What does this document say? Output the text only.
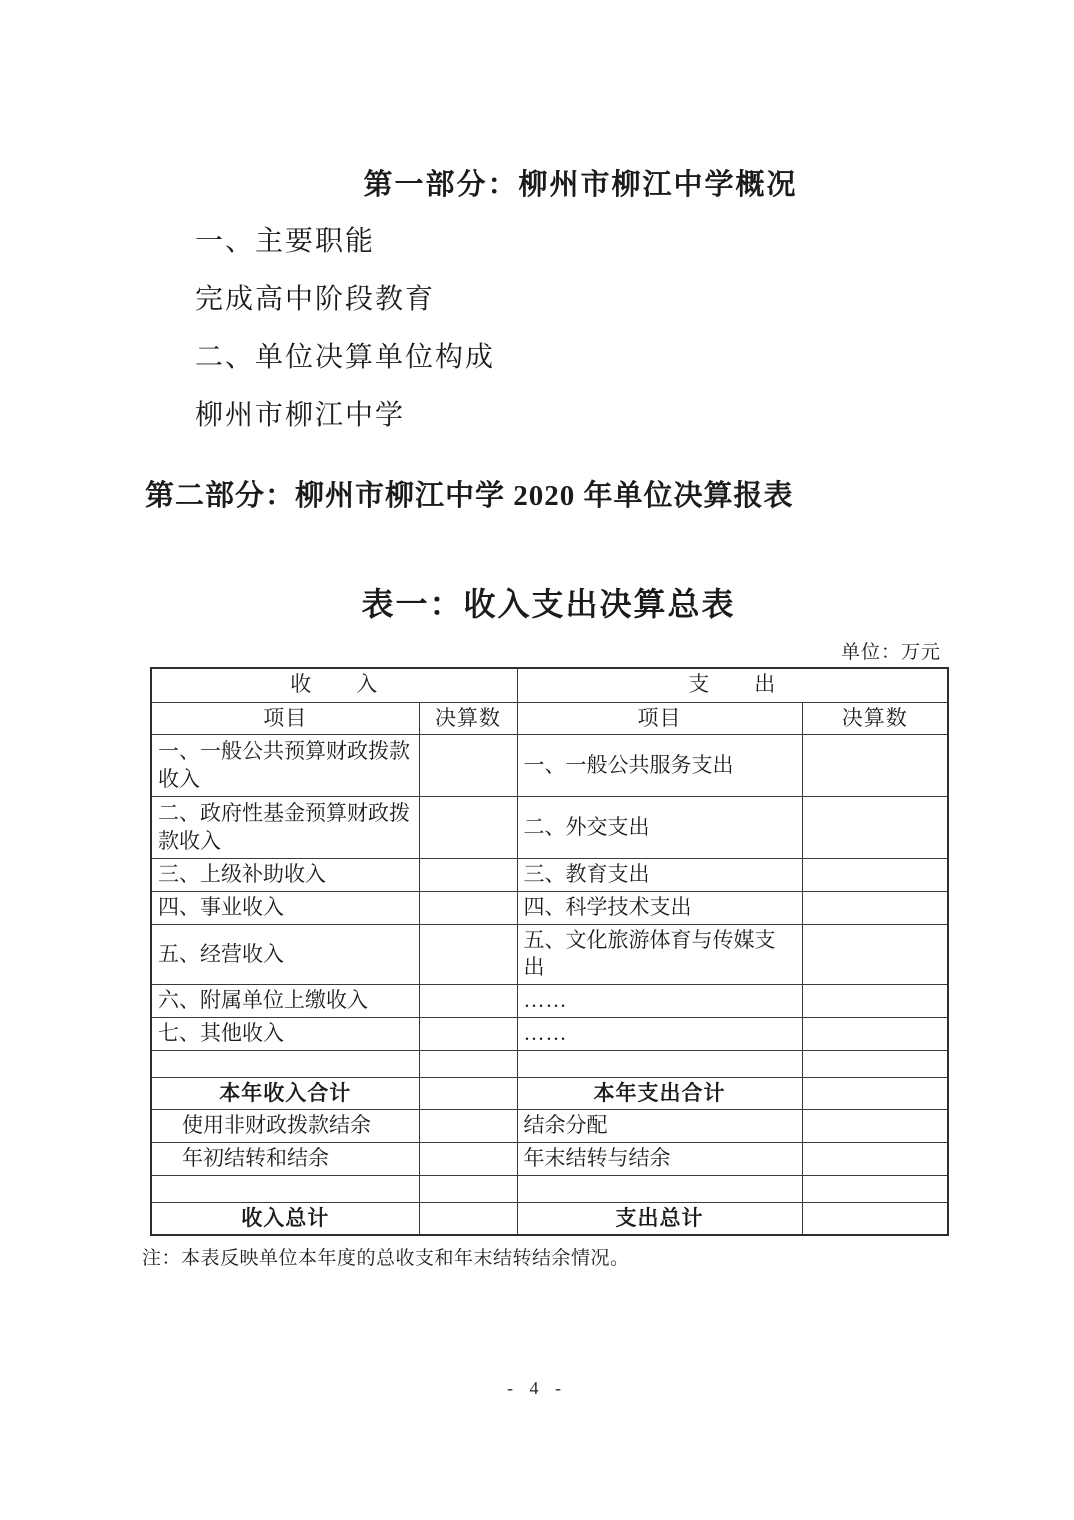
第一部分：柳州市柳江中学概况

一、主要职能

完成高中阶段教育

二、单位决算单位构成

柳州市柳江中学

第二部分：柳州市柳江中学 2020 年单位决算报表
表一：收入支出决算总表
单位：万元
收　　入		支　　出	
项目	决算数	项目	决算数
一、一般公共预算财政拨款收入		一、一般公共服务支出	
二、政府性基金预算财政拨款收入		二、外交支出	
三、上级补助收入		三、教育支出	
四、事业收入		四、科学技术支出	
五、经营收入		五、文化旅游体育与传媒支出	
六、附属单位上缴收入		……	
七、其他收入		……	

本年收入合计		本年支出合计	
使用非财政拨款结余		结余分配	
年初结转和结余		年末结转与结余	

收入总计		支出总计	

注：本表反映单位本年度的总收支和年末结转结余情况。

- 4 -
